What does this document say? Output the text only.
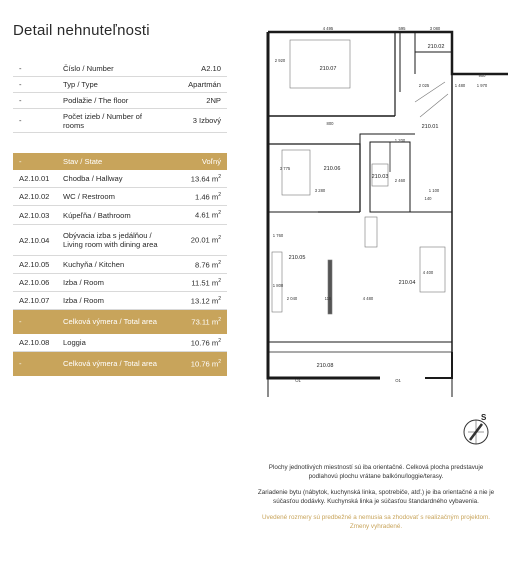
Detail nehnuteľnosti
-	Číslo / Number	A2.10
-	Typ / Type	Apartmán
-	Podlažie / The floor	2NP
-	Počet izieb / Number of rooms	3 Izbový
-	Stav / State	Voľný
A2.10.01	Chodba / Hallway	13.64 $m^2$
A2.10.02	WC / Restroom	1.46 $m^2$
A2.10.03	Kúpeľňa / Bathroom	4.61 $m^2$
A2.10.04	Obývacia izba s jedálňou / Living room with dining area	20.01 $m^2$
A2.10.05	Kuchyňa / Kitchen	8.76 $m^2$
A2.10.06	Izba / Room	11.51 $m^2$
A2.10.07	Izba / Room	13.12 $m^2$
-	Celková výmera / Total area	73.11 $m^2$
A2.10.08	Loggia	10.76 $m^2$
-	Celková výmera / Total area	10.76 $m^2$
210.07
210.02
210.01
210.06
210.03
210.05
210.04
210.08
4 495	595	3 080
2 920
2 025	1 480	1 970
900
800
3 775
3 280	1 100
140
1 760
1 800
2 040	4 480
4 400
2 460
1 200
115
O1	O1
S

Plochy jednotlivých miestností sú iba orientačné. Celková plocha predstavuje podlahovú plochu vrátane balkónu/loggie/terasy.

Zariadenie bytu (nábytok, kuchynská linka, spotrebiče, atď.) je iba orientačné a nie je súčasťou dodávky. Kuchynská linka je súčasťou štandardného vybavenia.

Uvedené rozmery sú predbežné a nemusia sa zhodovať s realizačným projektom. Zmeny vyhradené.
